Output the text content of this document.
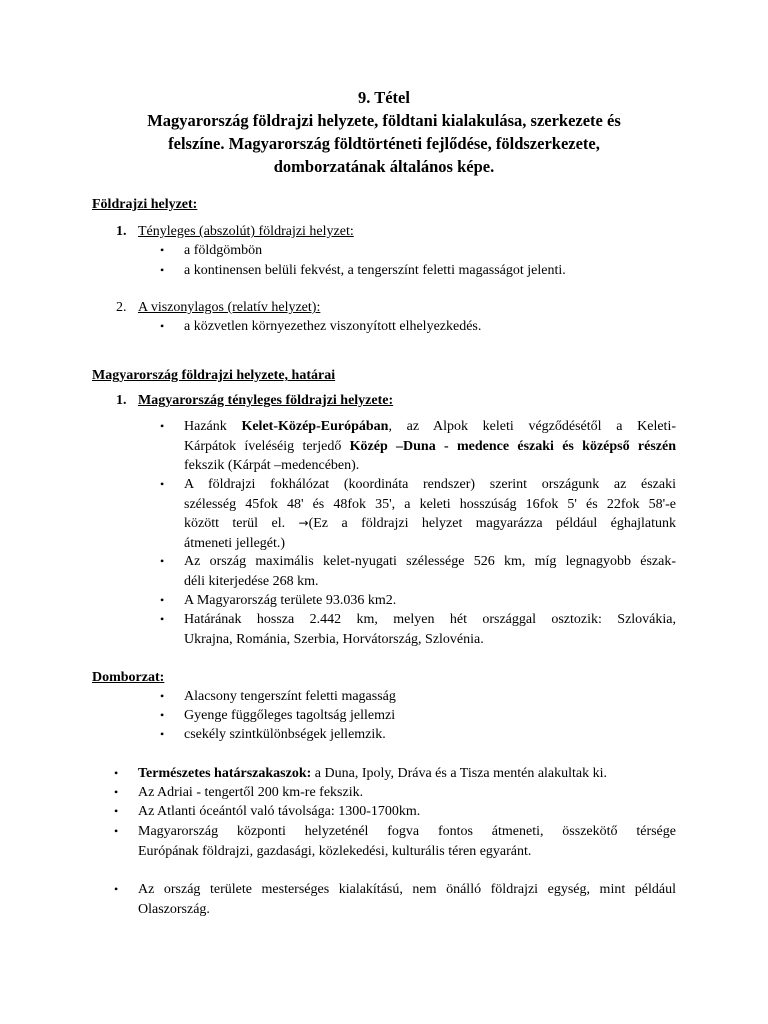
9. Tétel
Magyarország földrajzi helyzete, földtani kialakulása, szerkezete és
felszíne. Magyarország földtörténeti fejlődése, földszerkezete,
domborzatának általános képe.
Földrajzi helyzet:
1. Tényleges (abszolút) földrajzi helyzet:
• a földgömbön
• a kontinensen belüli fekvést, a tengerszínt feletti magasságot jelenti.
2. A viszonylagos (relatív helyzet):
• a közvetlen környezethez viszonyított elhelyezkedés.
Magyarország földrajzi helyzete, határai
1. Magyarország tényleges földrajzi helyzete:
• Hazánk Kelet-Közép-Európában, az Alpok keleti végződésétől a Keleti-
Kárpátok íveléséig terjedő Közép –Duna - medence északi és középső részén
fekszik (Kárpát –medencében).
• A földrajzi fokhálózat (koordináta rendszer) szerint országunk az északi
szélesség 45fok 48' és 48fok 35', a keleti hosszúság 16fok 5' és 22fok 58'-e
között terül el. →(Ez a földrajzi helyzet magyarázza például éghajlatunk
átmeneti jellegét.)
• Az ország maximális kelet-nyugati szélessége 526 km, míg legnagyobb észak-
déli kiterjedése 268 km.
• A Magyarország területe 93.036 km2.
• Határának hossza 2.442 km, melyen hét országgal osztozik: Szlovákia,
Ukrajna, Románia, Szerbia, Horvátország, Szlovénia.
Domborzat:
• Alacsony tengerszínt feletti magasság
• Gyenge függőleges tagoltság jellemzi
• csekély szintkülönbségek jellemzik.
• Természetes határszakaszok: a Duna, Ipoly, Dráva és a Tisza mentén alakultak ki.
• Az Adriai - tengertől 200 km-re fekszik.
• Az Atlanti óceántól való távolsága: 1300-1700km.
• Magyarország központi helyzeténél fogva fontos átmeneti, összekötő térsége
Európának földrajzi, gazdasági, közlekedési, kulturális téren egyaránt.
• Az ország területe mesterséges kialakítású, nem önálló földrajzi egység, mint például
Olaszország.
